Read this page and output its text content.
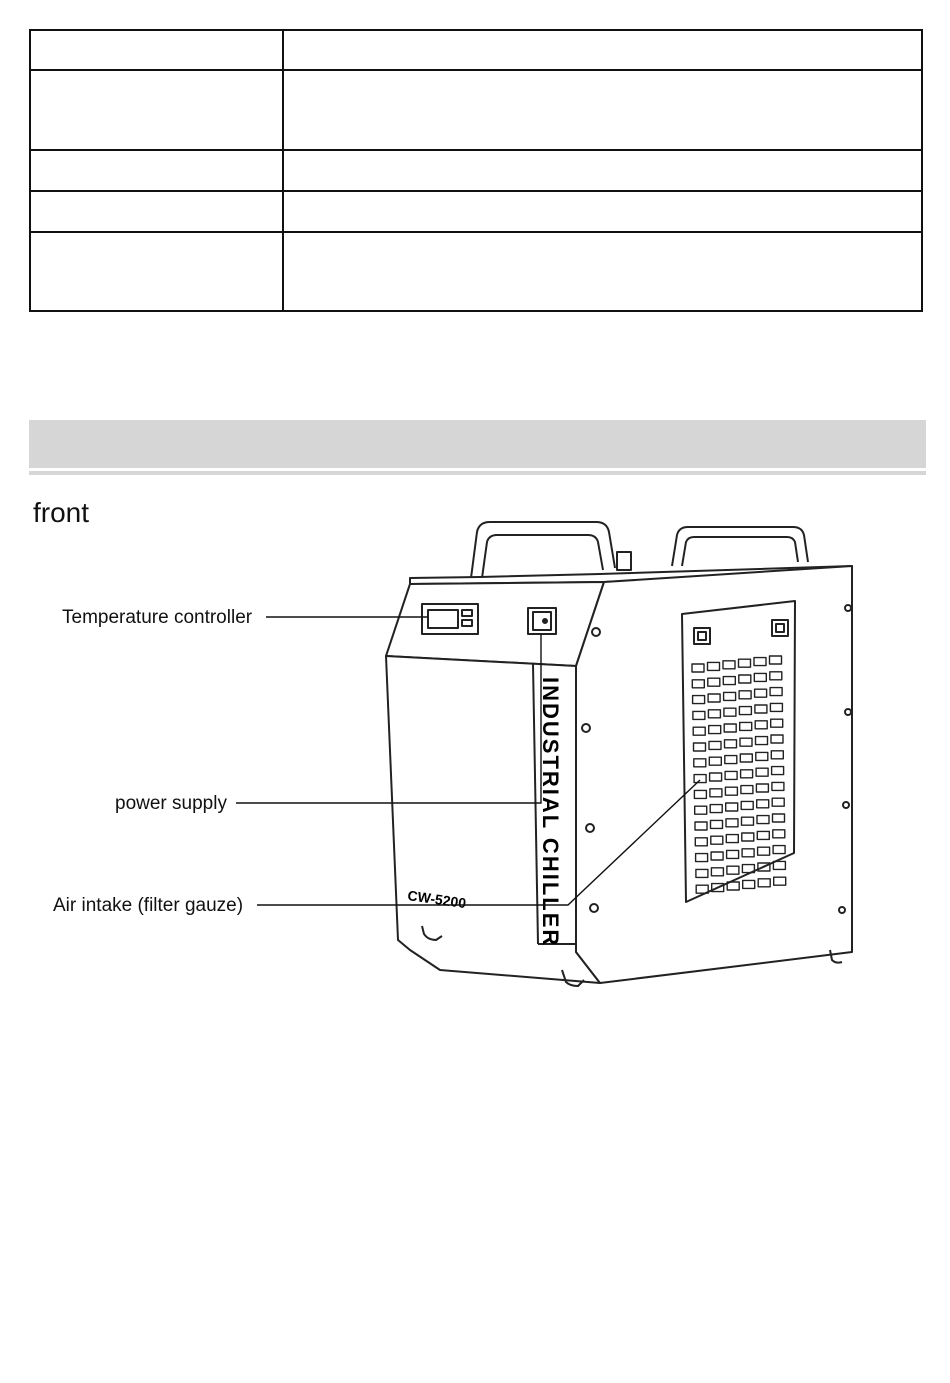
front
INDUSTRIAL CHILLER
CW-5200
Temperature controller
power supply
Air intake (filter gauze)
